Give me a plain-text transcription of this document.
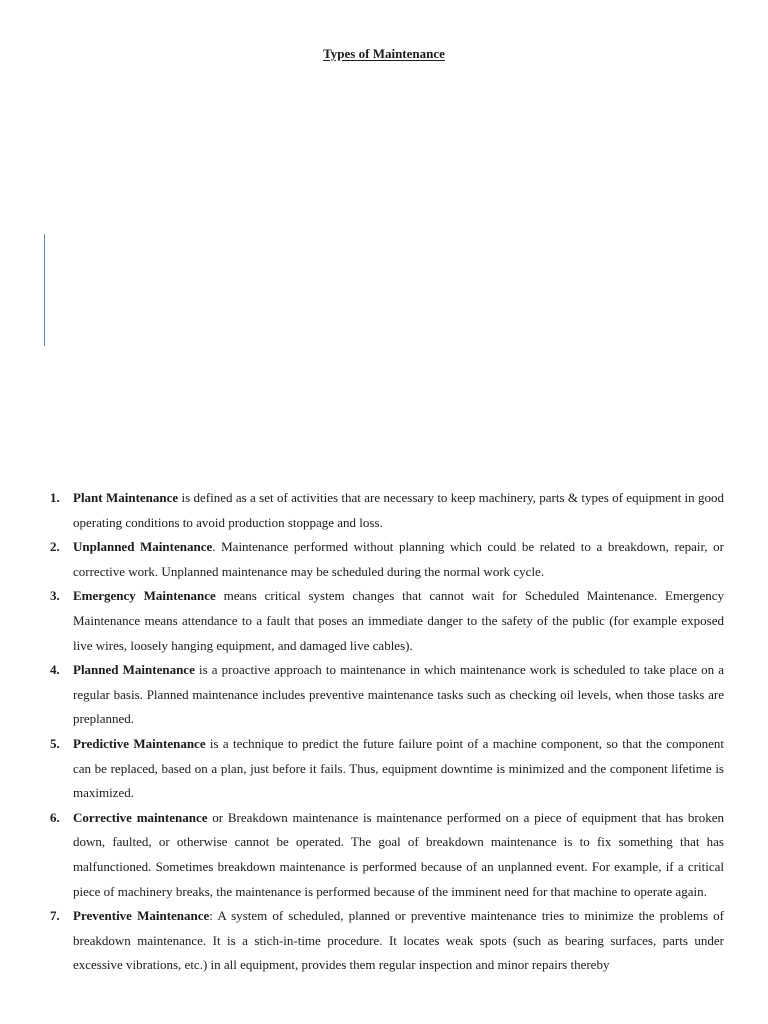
Types of Maintenance
1. Plant Maintenance is defined as a set of activities that are necessary to keep machinery, parts & types of equipment in good operating conditions to avoid production stoppage and loss.
2. Unplanned Maintenance. Maintenance performed without planning which could be related to a breakdown, repair, or corrective work. Unplanned maintenance may be scheduled during the normal work cycle.
3. Emergency Maintenance means critical system changes that cannot wait for Scheduled Maintenance. Emergency Maintenance means attendance to a fault that poses an immediate danger to the safety of the public (for example exposed live wires, loosely hanging equipment, and damaged live cables).
4. Planned Maintenance is a proactive approach to maintenance in which maintenance work is scheduled to take place on a regular basis. Planned maintenance includes preventive maintenance tasks such as checking oil levels, when those tasks are preplanned.
5. Predictive Maintenance is a technique to predict the future failure point of a machine component, so that the component can be replaced, based on a plan, just before it fails. Thus, equipment downtime is minimized and the component lifetime is maximized.
6. Corrective maintenance or Breakdown maintenance is maintenance performed on a piece of equipment that has broken down, faulted, or otherwise cannot be operated. The goal of breakdown maintenance is to fix something that has malfunctioned. Sometimes breakdown maintenance is performed because of an unplanned event. For example, if a critical piece of machinery breaks, the maintenance is performed because of the imminent need for that machine to operate again.
7. Preventive Maintenance: A system of scheduled, planned or preventive maintenance tries to minimize the problems of breakdown maintenance. It is a stich-in-time procedure. It locates weak spots (such as bearing surfaces, parts under excessive vibrations, etc.) in all equipment, provides them regular inspection and minor repairs thereby
